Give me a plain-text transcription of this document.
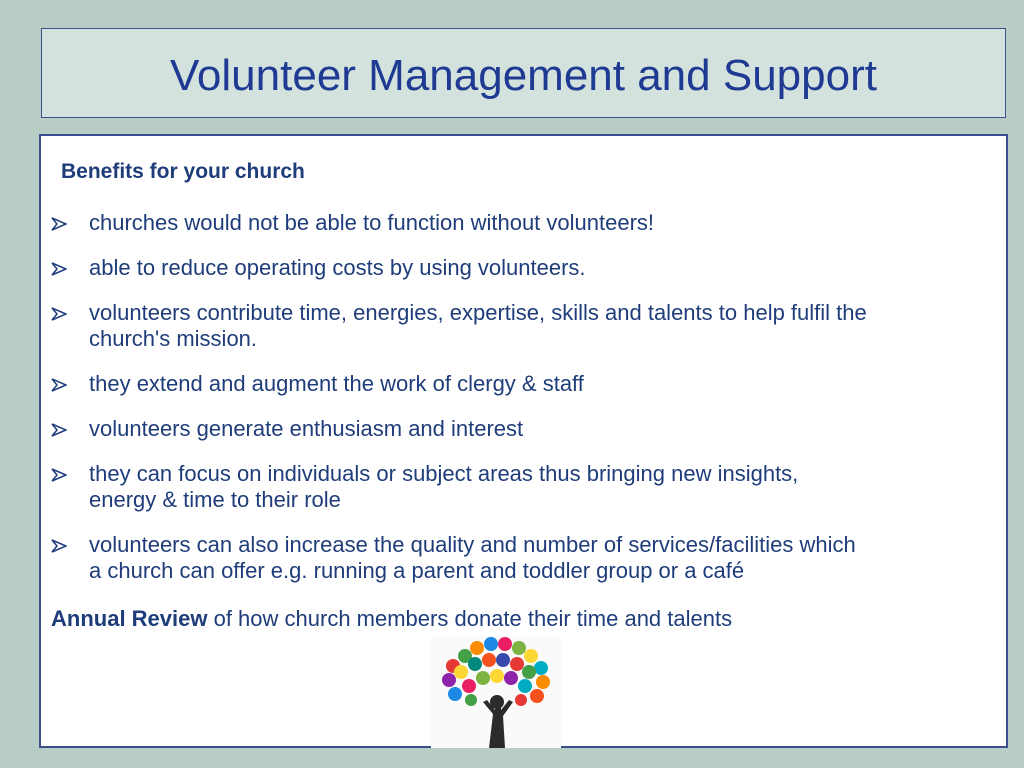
Volunteer Management and Support
Benefits for your church
churches would not be able to function without volunteers!
able to reduce operating costs by using volunteers.
volunteers contribute time, energies, expertise, skills and talents to help fulfil the
church's mission.
they extend and augment the work of clergy & staff
volunteers generate enthusiasm and interest
they can focus on individuals or subject areas thus bringing new insights,
energy & time to their role
volunteers can also increase the quality and number of services/facilities which
a church can offer e.g. running a parent and toddler group or a café
Annual Review of how church members donate their time and talents
